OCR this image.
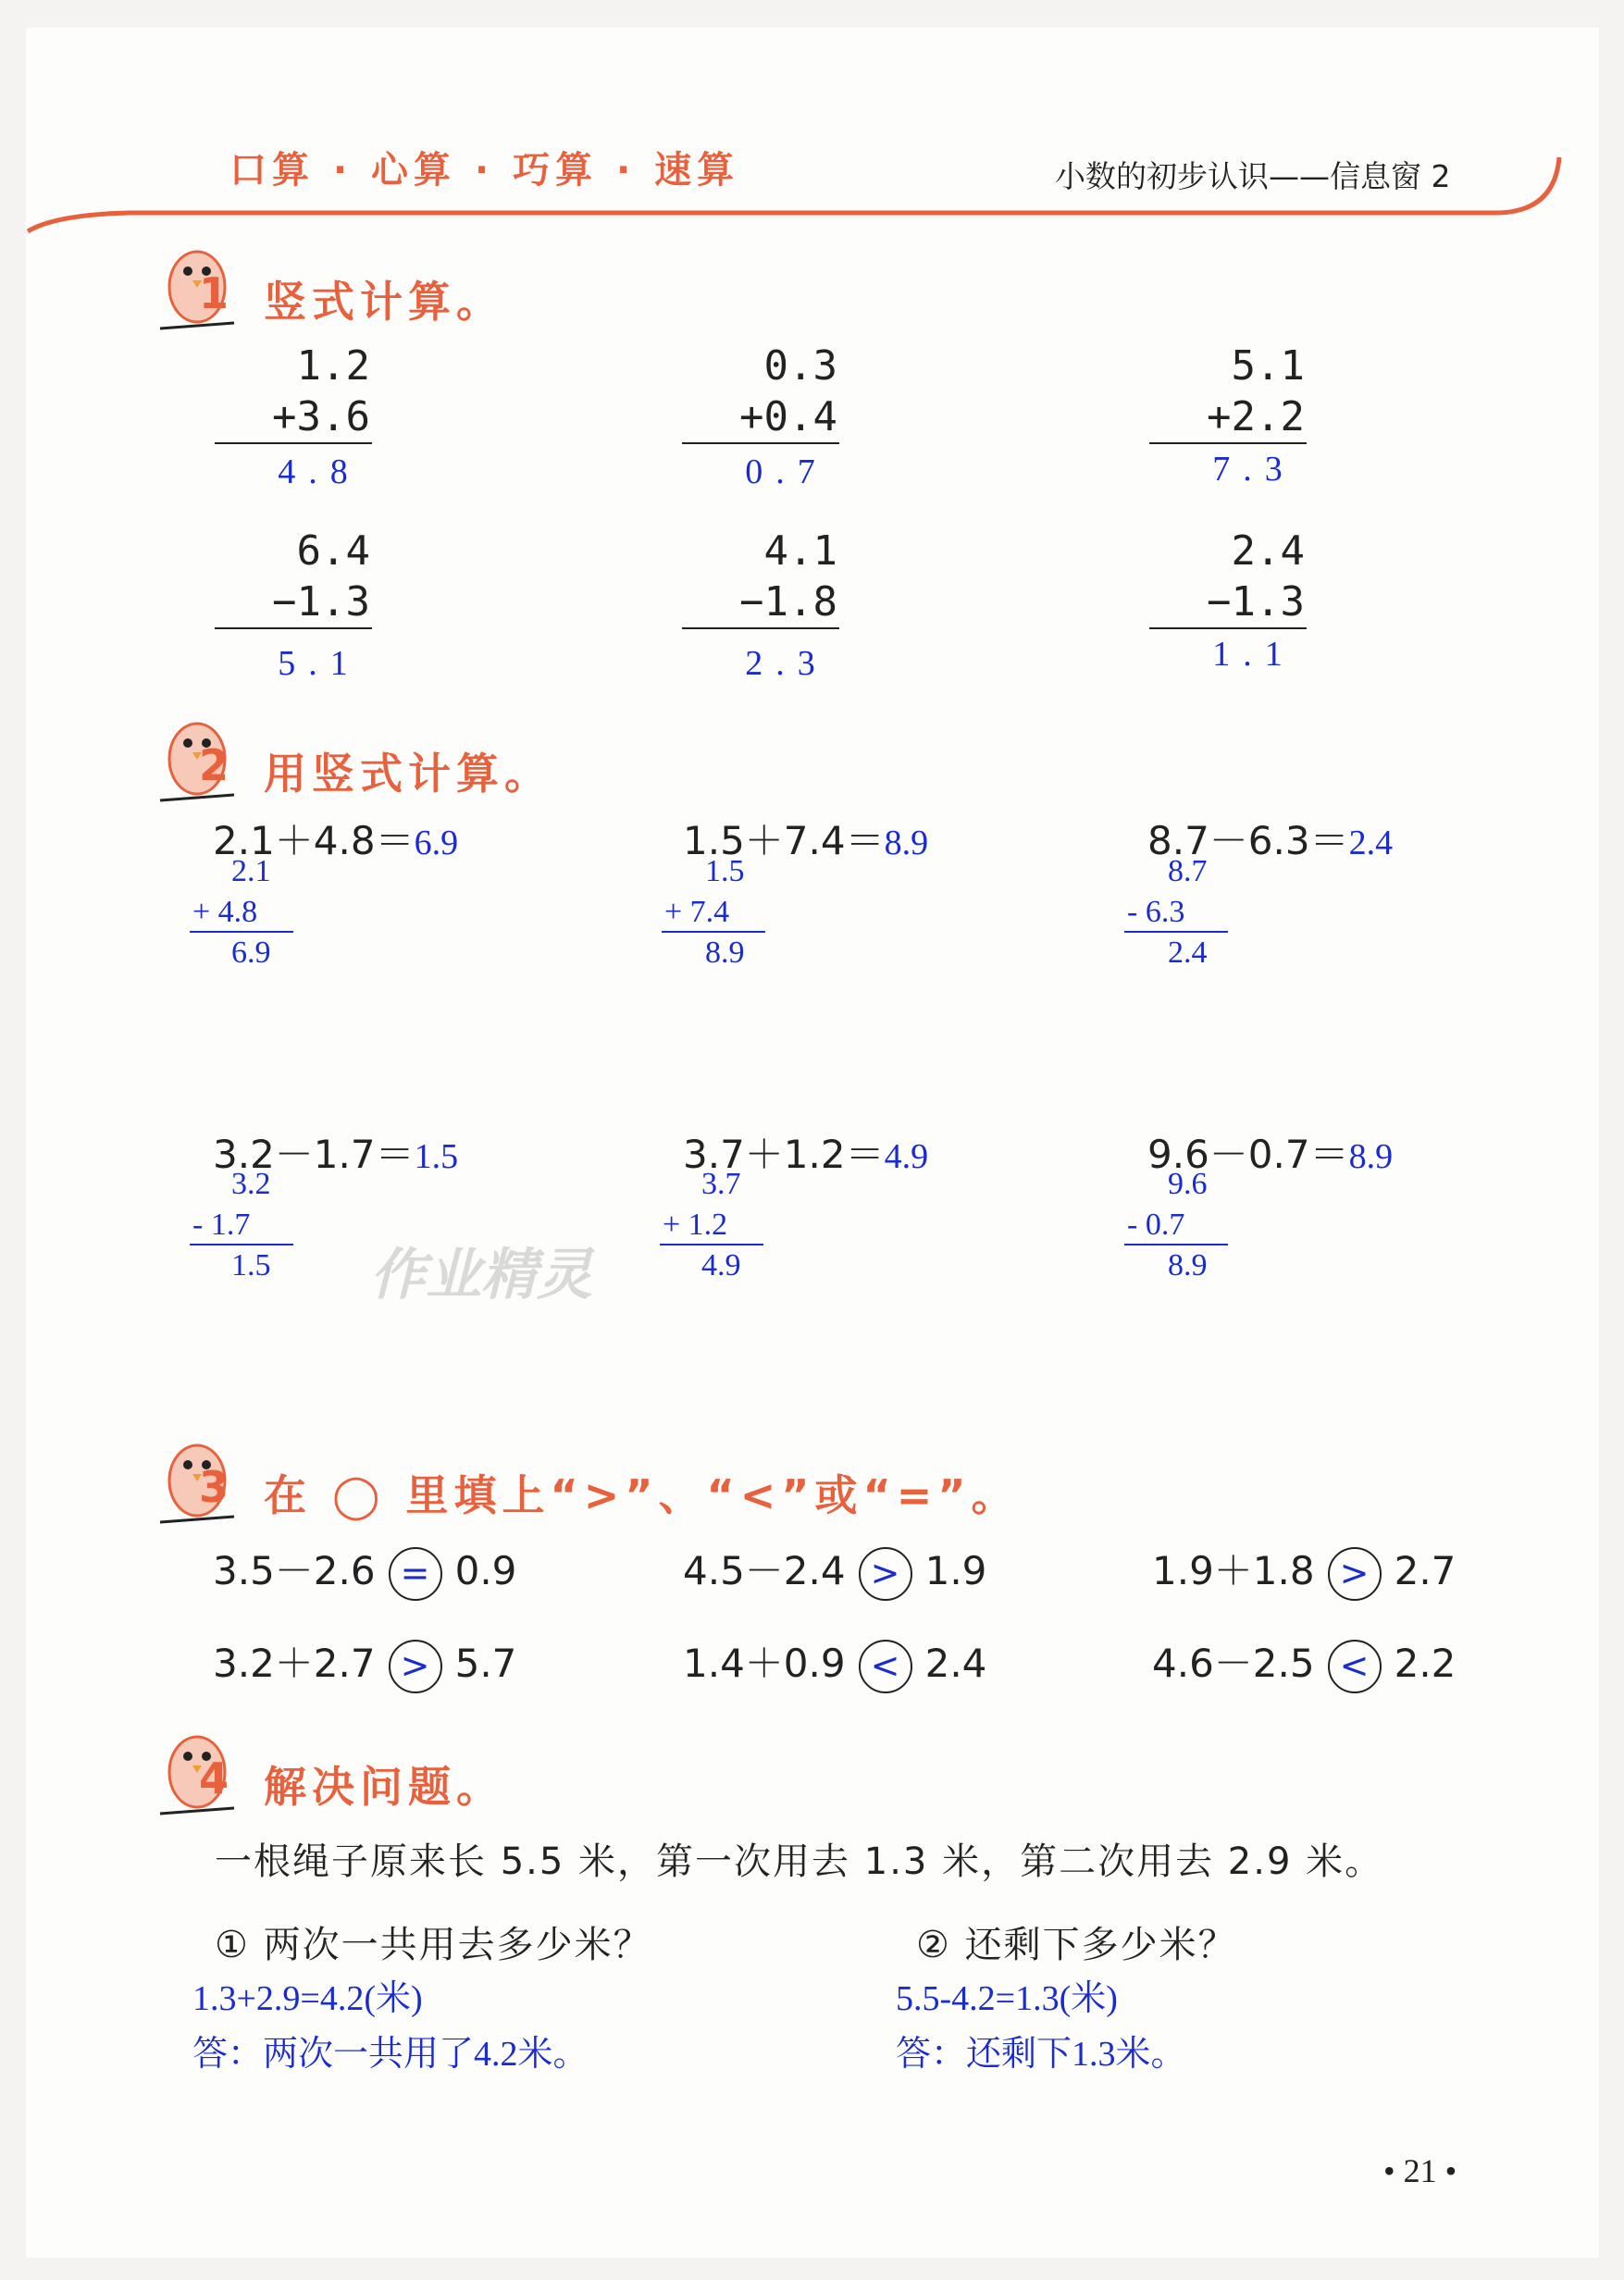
口算 · 心算 · 巧算 · 速算	小数的初步认识——信息窗 2
1
2
3
4
竖式计算。
用竖式计算。
在 ◯ 里填上“>”、“<”或“=”。
解决问题。
1.2
+3.6
4.8
0.3
+0.4
0.7
5.1
+2.2
7.3
6.4
−1.3
5.1
4.1
−1.8
2.3
2.4
−1.3
1.1
2.1＋4.8＝6.9
2.1
+ 4.8
6.9
1.5＋7.4＝8.9
1.5
+ 7.4
8.9
8.7－6.3＝2.4
8.7
- 6.3
2.4
3.2－1.7＝1.5
3.2
- 1.7
1.5
3.7＋1.2＝4.9
3.7
+ 1.2
4.9
9.6－0.7＝8.9
9.6
- 0.7
8.9
作业精灵
3.5－2.6 = 0.9	4.5－2.4 > 1.9	1.9＋1.8 > 2.7
3.2＋2.7 > 5.7	1.4＋0.9 < 2.4	4.6－2.5 < 2.2
一根绳子原来长 5.5 米，第一次用去 1.3 米，第二次用去 2.9 米。
① 两次一共用去多少米？	② 还剩下多少米？
1.3+2.9=4.2(米)
答：两次一共用了4.2米。
5.5-4.2=1.3(米)
答：还剩下1.3米。
• 21 •
